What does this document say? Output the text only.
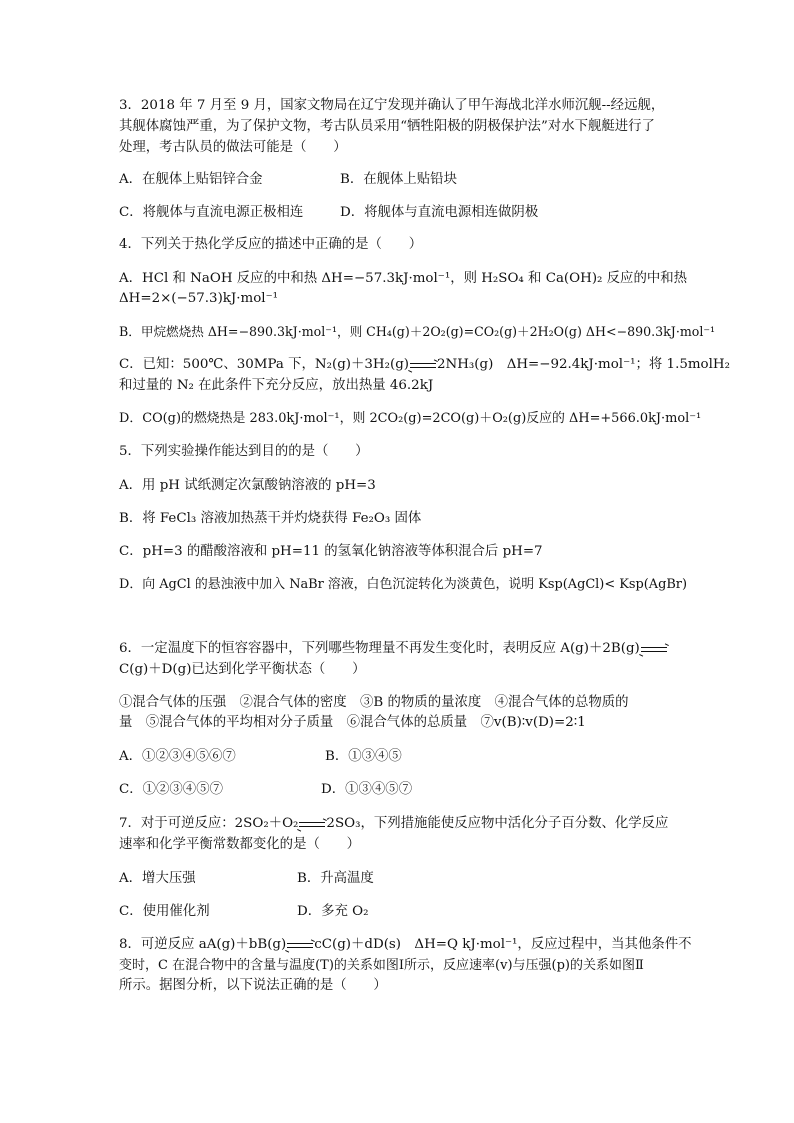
3．2018 年 7 月至 9 月，国家文物局在辽宁发现并确认了甲午海战北洋水师沉舰--经远舰，
其舰体腐蚀严重，为了保护文物，考古队员采用“牺牲阳极的阴极保护法”对水下舰艇进行了
处理，考古队员的做法可能是（　　）
A．在舰体上贴铝锌合金	B．在舰体上贴铅块
C．将舰体与直流电源正极相连	D．将舰体与直流电源相连做阴极
4．下列关于热化学反应的描述中正确的是（　　）
A．HCl 和 NaOH 反应的中和热 ΔH=−57.3kJ·mol⁻¹，则 H₂SO₄ 和 Ca(OH)₂ 反应的中和热
ΔH=2×(−57.3)kJ·mol⁻¹
B．甲烷燃烧热 ΔH=−890.3kJ·mol⁻¹，则 CH₄(g)＋2O₂(g)=CO₂(g)＋2H₂O(g) ΔH<−890.3kJ·mol⁻¹
C．已知：500℃、30MPa 下，N₂(g)＋3H₂(g)→2NH₃(g)　ΔH=−92.4kJ·mol⁻¹；将 1.5molH₂
和过量的 N₂ 在此条件下充分反应，放出热量 46.2kJ
D．CO(g)的燃烧热是 283.0kJ·mol⁻¹，则 2CO₂(g)=2CO(g)＋O₂(g)反应的 ΔH=+566.0kJ·mol⁻¹
5．下列实验操作能达到目的的是（　　）
A．用 pH 试纸测定次氯酸钠溶液的 pH=3
B．将 FeCl₃ 溶液加热蒸干并灼烧获得 Fe₂O₃ 固体
C．pH=3 的醋酸溶液和 pH=11 的氢氧化钠溶液等体积混合后 pH=7
D．向 AgCl 的悬浊液中加入 NaBr 溶液，白色沉淀转化为淡黄色，说明 Ksp(AgCl)< Ksp(AgBr)
6．一定温度下的恒容容器中，下列哪些物理量不再发生变化时，表明反应 A(g)＋2B(g)→
C(g)＋D(g)已达到化学平衡状态（　　）
①混合气体的压强　②混合气体的密度　③B 的物质的量浓度　④混合气体的总物质的
量　⑤混合气体的平均相对分子质量　⑥混合气体的总质量　⑦v(B)∶v(D)=2∶1
A．①②③④⑤⑥⑦	B．①③④⑤
C．①②③④⑤⑦	D．①③④⑤⑦
7．对于可逆反应：2SO₂＋O₂→2SO₃，下列措施能使反应物中活化分子百分数、化学反应
速率和化学平衡常数都变化的是（　　）
A．增大压强	B．升高温度
C．使用催化剂	D．多充 O₂
8．可逆反应 aA(g)＋bB(g)→cC(g)＋dD(s)　ΔH=Q kJ·mol⁻¹，反应过程中，当其他条件不
变时，C 在混合物中的含量与温度(T)的关系如图Ⅰ所示，反应速率(v)与压强(p)的关系如图Ⅱ
所示。据图分析，以下说法正确的是（　　）
